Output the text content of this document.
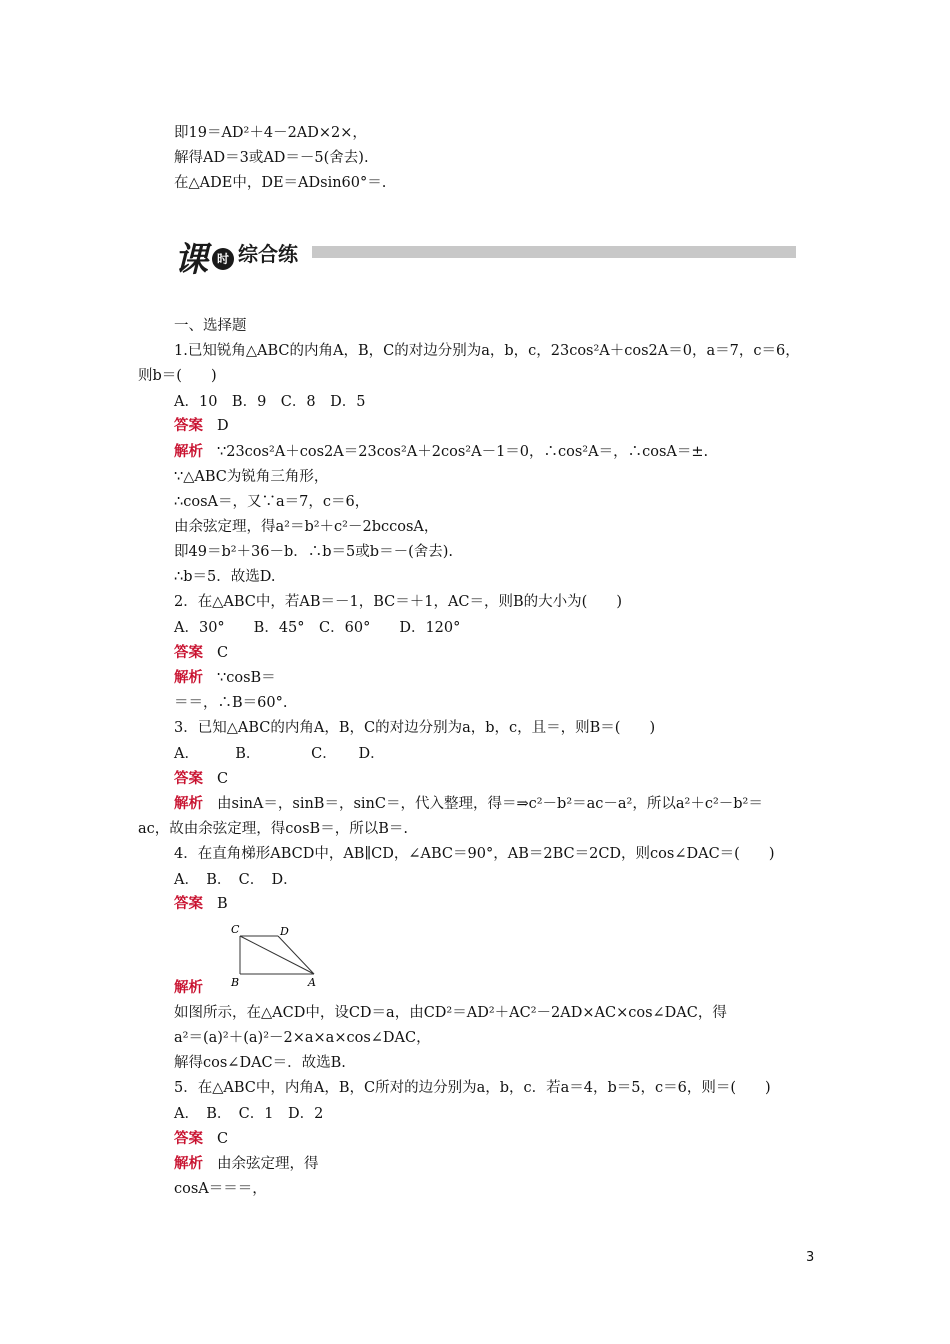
即19＝AD²＋4－2AD×2×，
解得AD＝3或AD＝－5(舍去).
在△ADE中，DE＝ADsin60°＝.
课 时 综合练
一、选择题
1.已知锐角△ABC的内角A，B，C的对边分别为a，b，c，23cos²A＋cos2A＝0，a＝7，c＝6，
则b＝(　　)
A．10　B．9　C．8　D．5
答案 D
解析 ∵23cos²A＋cos2A＝23cos²A＋2cos²A－1＝0，∴cos²A＝，∴cosA＝±.
∵△ABC为锐角三角形，
∴cosA＝，又∵a＝7，c＝6，
由余弦定理，得a²＝b²＋c²－2bccosA，
即49＝b²＋36－b．∴b＝5或b＝－(舍去).
∴b＝5．故选D.
2．在△ABC中，若AB＝－1，BC＝＋1，AC＝，则B的大小为(　　)
A．30°　　B．45°　C．60°　　D．120°
答案 C
解析 ∵cosB＝
＝＝，∴B＝60°.
3．已知△ABC的内角A，B，C的对边分别为a，b，c，且＝，则B＝(　　)
A．　　　B．　　　　C．　　D．
答案 C
解析 由sinA＝，sinB＝，sinC＝，代入整理，得＝⇒c²－b²＝ac－a²，所以a²＋c²－b²＝
ac，故由余弦定理，得cosB＝，所以B＝.
4．在直角梯形ABCD中，AB∥CD，∠ABC＝90°，AB＝2BC＝2CD，则cos∠DAC＝(　　)
A．　B．　C．　D．
答案 B
C	D
B	A
解析
如图所示，在△ACD中，设CD＝a，由CD²＝AD²＋AC²－2AD×AC×cos∠DAC，得
a²＝(a)²＋(a)²－2×a×a×cos∠DAC，
解得cos∠DAC＝．故选B.
5．在△ABC中，内角A，B，C所对的边分别为a，b，c．若a＝4，b＝5，c＝6，则＝(　　)
A．　B．　C．1　D．2
答案 C
解析 由余弦定理，得
cosA＝＝＝，
3
